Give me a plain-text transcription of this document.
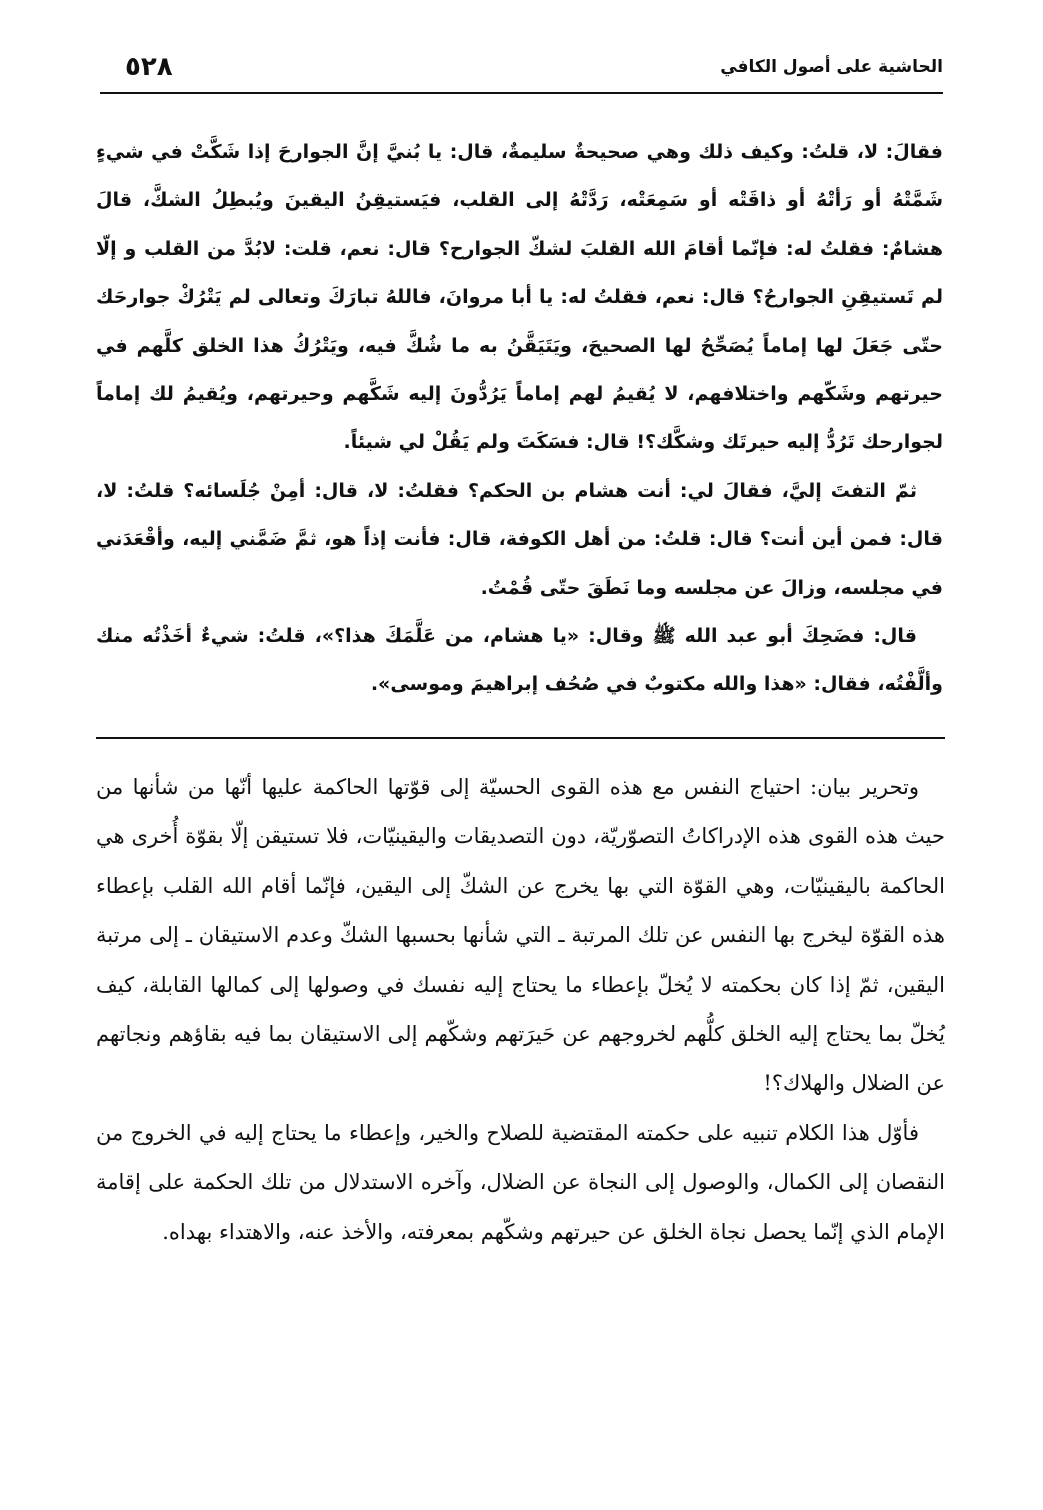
٥٢٨	الحاشية على أصول الكافي

فقالَ: لا، قلتُ: وكيف ذلك وهي صحيحةٌ سليمةٌ، قال: يا بُنيَّ إنَّ الجوارحَ إذا شَكَّتْ في شيءٍ شَمَّتْهُ أو رَأتْهُ أو ذاقَتْه أو سَمِعَتْه، رَدَّتْهُ إلى القلب، فيَستيقِنُ اليقينَ ويُبطِلُ الشكَّ، قالَ هشامٌ: فقلتُ له: فإنّما أقامَ الله القلبَ لشكّ الجوارح؟ قال: نعم، قلت: لابُدَّ من القلب و إلّا لم تَستيقِنِ الجوارحُ؟ قال: نعم، فقلتُ له: يا أبا مروانَ، فاللهُ تبارَكَ وتعالى لم يَتْرُكْ جوارحَك حتّى جَعَلَ لها إماماً يُصَحِّحُ لها الصحيحَ، ويَتَيَقَّنُ به ما شُكَّ فيه، ويَتْرُكُ هذا الخلق كلَّهم في حيرتهم وشَكّهم واختلافهم، لا يُقيمُ لهم إماماً يَرُدُّونَ إليه شَكَّهم وحيرتهم، ويُقيمُ لك إماماً لجوارحك تَرُدُّ إليه حيرتَك وشكَّك؟! قال: فسَكَتَ ولم يَقُلْ لي شيئاً.

ثمّ التفتَ إليَّ، فقالَ لي: أنت هشام بن الحكم؟ فقلتُ: لا، قال: أمِنْ جُلَسائه؟ قلتُ: لا، قال: فمن أين أنت؟ قال: قلتُ: من أهل الكوفة، قال: فأنت إذاً هو، ثمَّ ضَمَّني إليه، وأقْعَدَني في مجلسه، وزالَ عن مجلسه وما نَطَقَ حتّى قُمْتُ.

قال: فضَحِكَ أبو عبد الله ﷺ وقال: «يا هشام، من عَلَّمَكَ هذا؟»، قلتُ: شيءٌ أخَذْتُه منك وألَّفْتُه، فقال: «هذا والله مكتوبٌ في صُحُف إبراهيمَ وموسى».

وتحرير بيان: احتياج النفس مع هذه القوى الحسيّة إلى قوّتها الحاكمة عليها أنّها من شأنها من حيث هذه القوى هذه الإدراكاتُ التصوّريّة، دون التصديقات واليقينيّات، فلا تستيقن إلّا بقوّة أُخرى هي الحاكمة باليقينيّات، وهي القوّة التي بها يخرج عن الشكّ إلى اليقين، فإنّما أقام الله القلب بإعطاء هذه القوّة ليخرج بها النفس عن تلك المرتبة ـ التي شأنها بحسبها الشكّ وعدم الاستيقان ـ إلى مرتبة اليقين، ثمّ إذا كان بحكمته لا يُخلّ بإعطاء ما يحتاج إليه نفسك في وصولها إلى كمالها القابلة، كيف يُخلّ بما يحتاج إليه الخلق كلُّهم لخروجهم عن حَيرَتهم وشكّهم إلى الاستيقان بما فيه بقاؤهم ونجاتهم عن الضلال والهلاك؟!

فأوّل هذا الكلام تنبيه على حكمته المقتضية للصلاح والخير، وإعطاء ما يحتاج إليه في الخروج من النقصان إلى الكمال، والوصول إلى النجاة عن الضلال، وآخره الاستدلال من تلك الحكمة على إقامة الإمام الذي إنّما يحصل نجاة الخلق عن حيرتهم وشكّهم بمعرفته، والأخذ عنه، والاهتداء بهداه.
